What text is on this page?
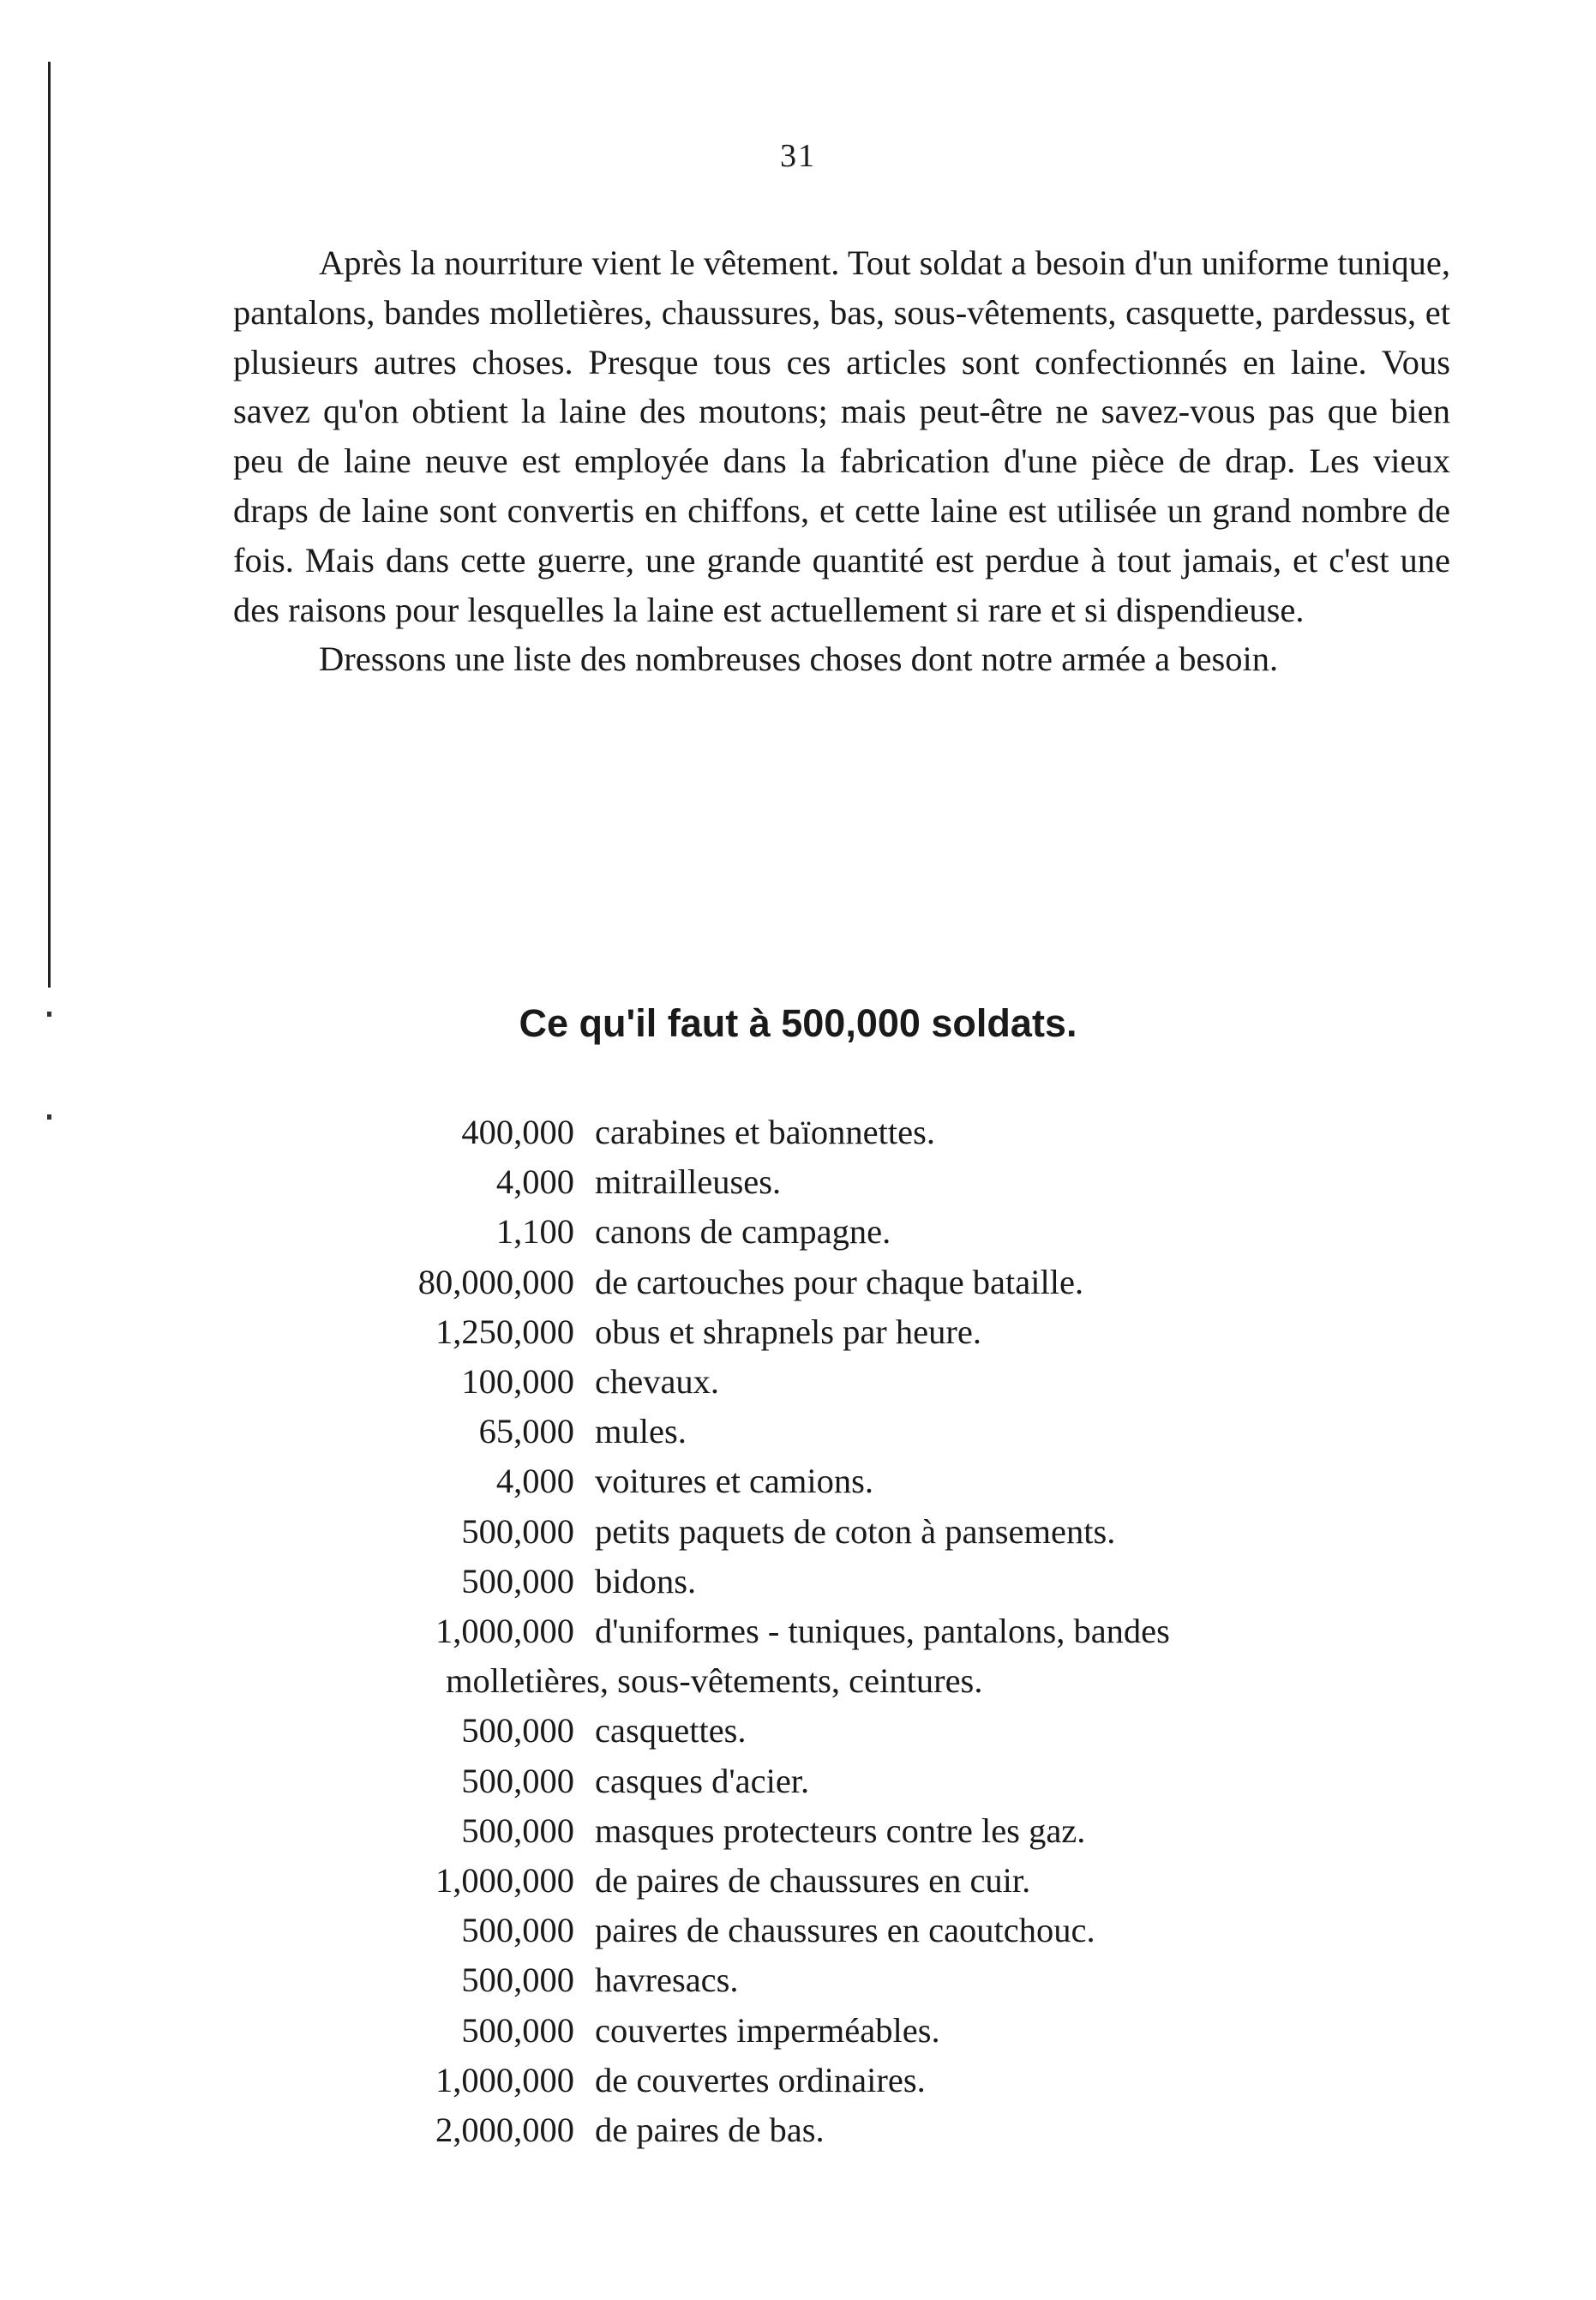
31

Après la nourriture vient le vêtement. Tout soldat a besoin d'un uniforme tunique, pantalons, bandes molletières, chaussures, bas, sous-vêtements, casquette, pardessus, et plusieurs autres choses. Presque tous ces articles sont confectionnés en laine. Vous savez qu'on obtient la laine des moutons; mais peut-être ne savez-vous pas que bien peu de laine neuve est employée dans la fabrication d'une pièce de drap. Les vieux draps de laine sont convertis en chiffons, et cette laine est utilisée un grand nombre de fois. Mais dans cette guerre, une grande quantité est perdue à tout jamais, et c'est une des raisons pour lesquelles la laine est actuellement si rare et si dispendieuse.

Dressons une liste des nombreuses choses dont notre armée a besoin.

Ce qu'il faut à 500,000 soldats.
400,000 carabines et baïonnettes.
4,000 mitrailleuses.
1,100 canons de campagne.
80,000,000 de cartouches pour chaque bataille.
1,250,000 obus et shrapnels par heure.
100,000 chevaux.
65,000 mules.
4,000 voitures et camions.
500,000 petits paquets de coton à pansements.
500,000 bidons.
1,000,000 d'uniformes - tuniques, pantalons, bandes
molletières, sous-vêtements, ceintures.
500,000 casquettes.
500,000 casques d'acier.
500,000 masques protecteurs contre les gaz.
1,000,000 de paires de chaussures en cuir.
500,000 paires de chaussures en caoutchouc.
500,000 havresacs.
500,000 couvertes imperméables.
1,000,000 de couvertes ordinaires.
2,000,000 de paires de bas.
